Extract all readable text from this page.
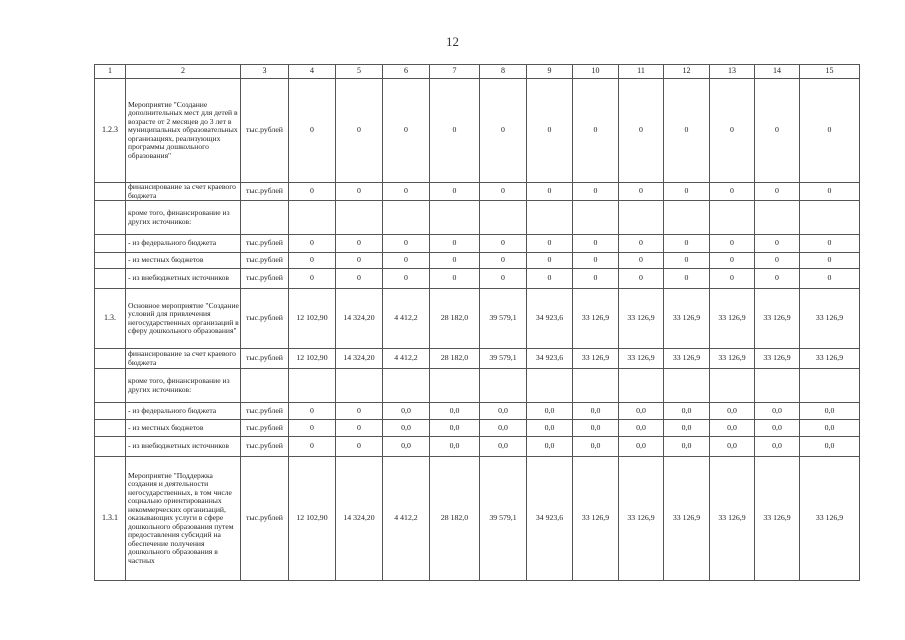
12
1	2	3	4	5	6	7	8	9	10	11	12	13	14	15
1.2.3	Мероприятие "Создание дополнительных мест для детей в возрасте от 2 месяцев до 3 лет в муниципальных образовательных организациях, реализующих программы дошкольного образования"	тыс.рублей	0	0	0	0	0	0	0	0	0	0	0	0
	финансирование за счет краевого бюджета	тыс.рублей	0	0	0	0	0	0	0	0	0	0	0	0
	кроме того, финансирование из других источников:													
	- из федерального бюджета	тыс.рублей	0	0	0	0	0	0	0	0	0	0	0	0
	- из местных бюджетов	тыс.рублей	0	0	0	0	0	0	0	0	0	0	0	0
	- из внебюджетных источников	тыс.рублей	0	0	0	0	0	0	0	0	0	0	0	0
1.3.	Основное мероприятие "Создание условий для привлечения негосударственных организаций в сферу дошкольного образования"	тыс.рублей	12 102,90	14 324,20	4 412,2	28 182,0	39 579,1	34 923,6	33 126,9	33 126,9	33 126,9	33 126,9	33 126,9	33 126,9
	финансирование за счет краевого бюджета	тыс.рублей	12 102,90	14 324,20	4 412,2	28 182,0	39 579,1	34 923,6	33 126,9	33 126,9	33 126,9	33 126,9	33 126,9	33 126,9
	кроме того, финансирование из других источников:													
	- из федерального бюджета	тыс.рублей	0	0	0,0	0,0	0,0	0,0	0,0	0,0	0,0	0,0	0,0	0,0
	- из местных бюджетов	тыс.рублей	0	0	0,0	0,0	0,0	0,0	0,0	0,0	0,0	0,0	0,0	0,0
	- из внебюджетных источников	тыс.рублей	0	0	0,0	0,0	0,0	0,0	0,0	0,0	0,0	0,0	0,0	0,0
1.3.1	Мероприятие "Поддержка создания и деятельности негосударственных, в том числе социально ориентированных некоммерческих организаций, оказывающих услуги в сфере дошкольного образования путем предоставления субсидий на обеспечение получения дошкольного образования в частных	тыс.рублей	12 102,90	14 324,20	4 412,2	28 182,0	39 579,1	34 923,6	33 126,9	33 126,9	33 126,9	33 126,9	33 126,9	33 126,9
